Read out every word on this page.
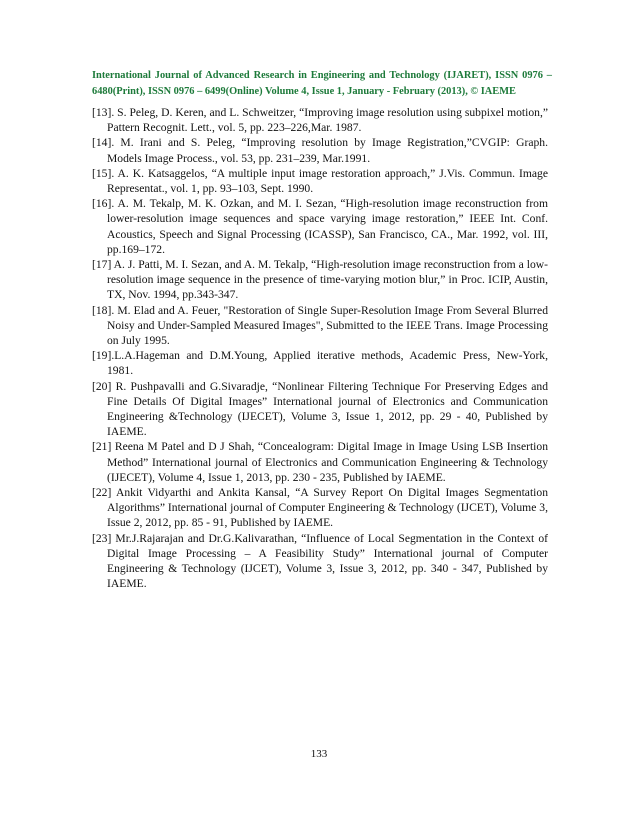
International Journal of Advanced Research in Engineering and Technology (IJARET), ISSN 0976 – 6480(Print), ISSN 0976 – 6499(Online) Volume 4, Issue 1, January - February (2013), © IAEME
[13]. S. Peleg, D. Keren, and L. Schweitzer, “Improving image resolution using subpixel motion,” Pattern Recognit. Lett., vol. 5, pp. 223–226,Mar. 1987.
[14]. M. Irani and S. Peleg, “Improving resolution by Image Registration,”CVGIP: Graph. Models Image Process., vol. 53, pp. 231–239, Mar.1991.
[15]. A. K. Katsaggelos, “A multiple input image restoration approach,” J.Vis. Commun. Image Representat., vol. 1, pp. 93–103, Sept. 1990.
[16]. A. M. Tekalp, M. K. Ozkan, and M. I. Sezan, “High-resolution image reconstruction from lower-resolution image sequences and space varying image restoration,” IEEE Int. Conf. Acoustics, Speech and Signal Processing (ICASSP), San Francisco, CA., Mar. 1992, vol. III, pp.169–172.
[17] A. J. Patti, M. I. Sezan, and A. M. Tekalp, “High-resolution image reconstruction from a low-resolution image sequence in the presence of time-varying motion blur,” in Proc. ICIP, Austin, TX, Nov. 1994, pp.343-347.
[18]. M. Elad and A. Feuer, "Restoration of Single Super-Resolution Image From Several Blurred Noisy and Under-Sampled Measured Images", Submitted to the IEEE Trans. Image Processing on July 1995.
[19].L.A.Hageman and D.M.Young, Applied iterative methods, Academic Press, New-York, 1981.
[20] R. Pushpavalli and G.Sivaradje, “Nonlinear Filtering Technique For Preserving Edges and Fine Details Of Digital Images” International journal of Electronics and Communication Engineering &Technology (IJECET), Volume 3, Issue 1, 2012, pp. 29 - 40, Published by IAEME.
[21] Reena M Patel and D J Shah, “Concealogram: Digital Image in Image Using LSB Insertion Method” International journal of Electronics and Communication Engineering & Technology (IJECET), Volume 4, Issue 1, 2013, pp. 230 - 235, Published by IAEME.
[22] Ankit Vidyarthi and Ankita Kansal, “A Survey Report On Digital Images Segmentation Algorithms” International journal of Computer Engineering & Technology (IJCET), Volume 3, Issue 2, 2012, pp. 85 - 91, Published by IAEME.
[23] Mr.J.Rajarajan and Dr.G.Kalivarathan, “Influence of Local Segmentation in the Context of Digital Image Processing – A Feasibility Study” International journal of Computer Engineering & Technology (IJCET), Volume 3, Issue 3, 2012, pp. 340 - 347, Published by IAEME.
133
